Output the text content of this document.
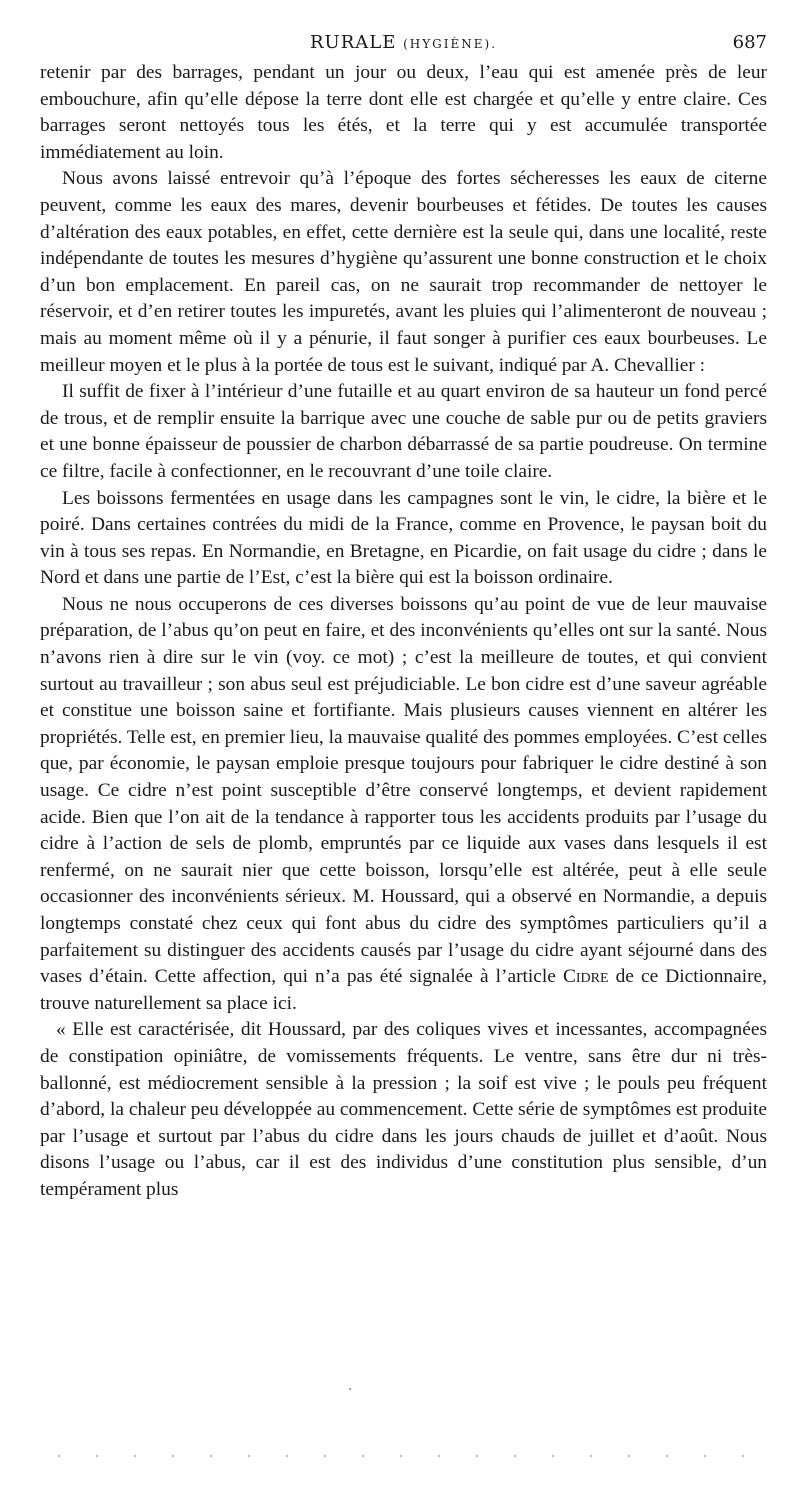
RURALE (HYGIÈNE).	687

retenir par des barrages, pendant un jour ou deux, l’eau qui est amenée près de leur embouchure, afin qu’elle dépose la terre dont elle est chargée et qu’elle y entre claire. Ces barrages seront nettoyés tous les étés, et la terre qui y est accumulée transportée immédiatement au loin.

Nous avons laissé entrevoir qu’à l’époque des fortes sécheresses les eaux de citerne peuvent, comme les eaux des mares, devenir bourbeuses et fétides. De toutes les causes d’altération des eaux potables, en effet, cette dernière est la seule qui, dans une localité, reste indépendante de toutes les mesures d’hygiène qu’assurent une bonne construction et le choix d’un bon emplacement. En pareil cas, on ne saurait trop recommander de nettoyer le réservoir, et d’en retirer toutes les impuretés, avant les pluies qui l’alimenteront de nouveau ; mais au moment même où il y a pénurie, il faut songer à purifier ces eaux bourbeuses. Le meilleur moyen et le plus à la portée de tous est le suivant, indiqué par A. Chevallier :

Il suffit de fixer à l’intérieur d’une futaille et au quart environ de sa hauteur un fond percé de trous, et de remplir ensuite la barrique avec une couche de sable pur ou de petits graviers et une bonne épaisseur de poussier de charbon débarrassé de sa partie poudreuse. On termine ce filtre, facile à confectionner, en le recouvrant d’une toile claire.

Les boissons fermentées en usage dans les campagnes sont le vin, le cidre, la bière et le poiré. Dans certaines contrées du midi de la France, comme en Provence, le paysan boit du vin à tous ses repas. En Normandie, en Bretagne, en Picardie, on fait usage du cidre ; dans le Nord et dans une partie de l’Est, c’est la bière qui est la boisson ordinaire.

Nous ne nous occuperons de ces diverses boissons qu’au point de vue de leur mauvaise préparation, de l’abus qu’on peut en faire, et des inconvénients qu’elles ont sur la santé. Nous n’avons rien à dire sur le vin (voy. ce mot) ; c’est la meilleure de toutes, et qui convient surtout au travailleur ; son abus seul est préjudiciable. Le bon cidre est d’une saveur agréable et constitue une boisson saine et fortifiante. Mais plusieurs causes viennent en altérer les propriétés. Telle est, en premier lieu, la mauvaise qualité des pommes employées. C’est celles que, par économie, le paysan emploie presque toujours pour fabriquer le cidre destiné à son usage. Ce cidre n’est point susceptible d’être conservé longtemps, et devient rapidement acide. Bien que l’on ait de la tendance à rapporter tous les accidents produits par l’usage du cidre à l’action de sels de plomb, empruntés par ce liquide aux vases dans lesquels il est renfermé, on ne saurait nier que cette boisson, lorsqu’elle est altérée, peut à elle seule occasionner des inconvénients sérieux. M. Houssard, qui a observé en Normandie, a depuis longtemps constaté chez ceux qui font abus du cidre des symptômes particuliers qu’il a parfaitement su distinguer des accidents causés par l’usage du cidre ayant séjourné dans des vases d’étain. Cette affection, qui n’a pas été signalée à l’article Cidre de ce Dictionnaire, trouve naturellement sa place ici.

« Elle est caractérisée, dit Houssard, par des coliques vives et incessantes, accompagnées de constipation opiniâtre, de vomissements fréquents. Le ventre, sans être dur ni très-ballonné, est médiocrement sensible à la pression ; la soif est vive ; le pouls peu fréquent d’abord, la chaleur peu développée au commencement. Cette série de symptômes est produite par l’usage et surtout par l’abus du cidre dans les jours chauds de juillet et d’août. Nous disons l’usage ou l’abus, car il est des individus d’une constitution plus sensible, d’un tempérament plus
